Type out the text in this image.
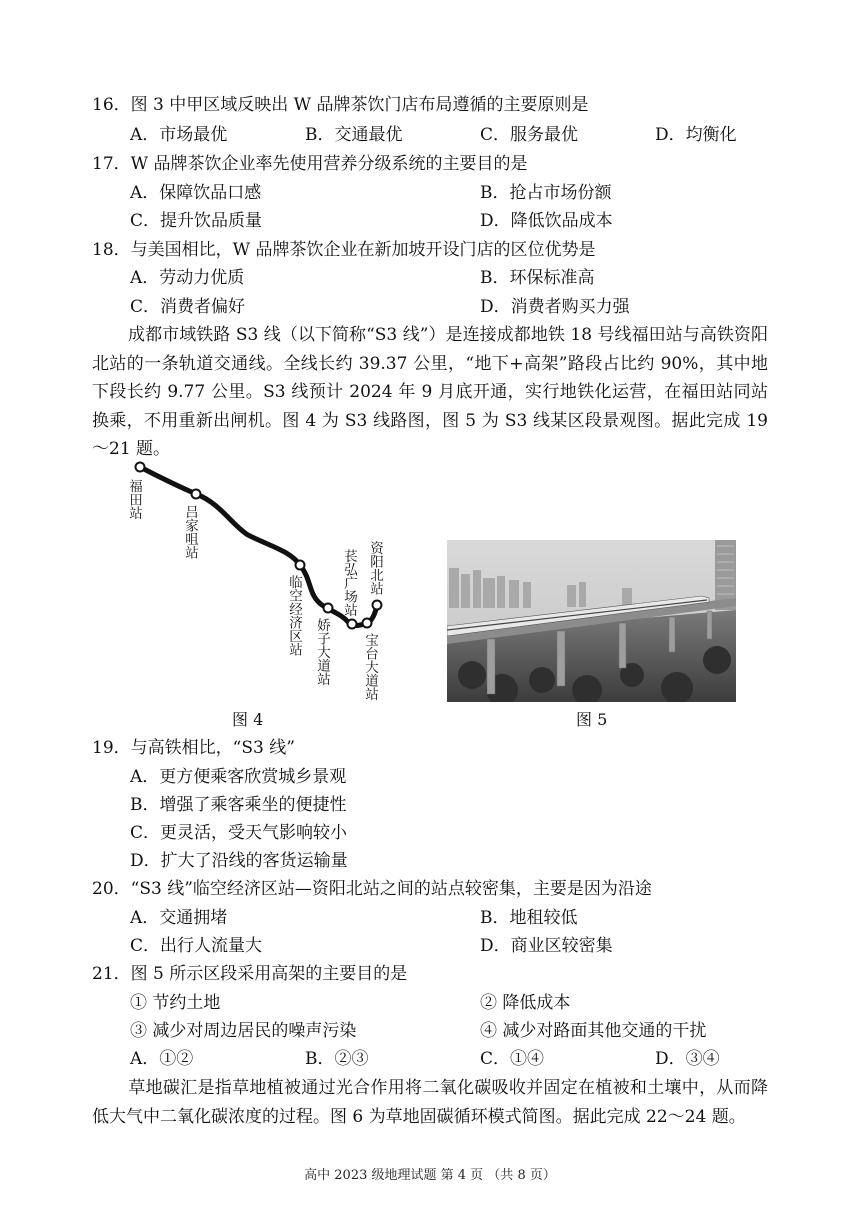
16．图 3 中甲区域反映出 W 品牌茶饮门店布局遵循的主要原则是
A．市场最优	B．交通最优	C．服务最优	D．均衡化
17．W 品牌茶饮企业率先使用营养分级系统的主要目的是
A．保障饮品口感	B．抢占市场份额
C．提升饮品质量	D．降低饮品成本
18．与美国相比，W 品牌茶饮企业在新加坡开设门店的区位优势是
A．劳动力优质	B．环保标准高
C．消费者偏好	D．消费者购买力强
成都市域铁路 S3 线（以下简称“S3 线”）是连接成都地铁 18 号线福田站与高铁资阳北站的一条轨道交通线。全线长约 39.37 公里，“地下+高架”路段占比约 90%，其中地下段长约 9.77 公里。S3 线预计 2024 年 9 月底开通，实行地铁化运营，在福田站同站换乘，不用重新出闸机。图 4 为 S3 线路图，图 5 为 S3 线某区段景观图。据此完成 19～21 题。
福田站
吕家咀站
临空经济区站 娇子大道站
苌弘广场站
宝台大道站
资阳北站
图 4	图 5
19．与高铁相比，“S3 线”
A．更方便乘客欣赏城乡景观
B．增强了乘客乘坐的便捷性
C．更灵活，受天气影响较小
D．扩大了沿线的客货运输量
20．“S3 线”临空经济区站—资阳北站之间的站点较密集，主要是因为沿途
A．交通拥堵	B．地租较低
C．出行人流量大	D．商业区较密集
21．图 5 所示区段采用高架的主要目的是
① 节约土地	② 降低成本
③ 减少对周边居民的噪声污染	④ 减少对路面其他交通的干扰
A．①②	B．②③	C．①④	D．③④
草地碳汇是指草地植被通过光合作用将二氧化碳吸收并固定在植被和土壤中，从而降低大气中二氧化碳浓度的过程。图 6 为草地固碳循环模式简图。据此完成 22～24 题。
高中 2023 级地理试题 第 4 页 （共 8 页）
